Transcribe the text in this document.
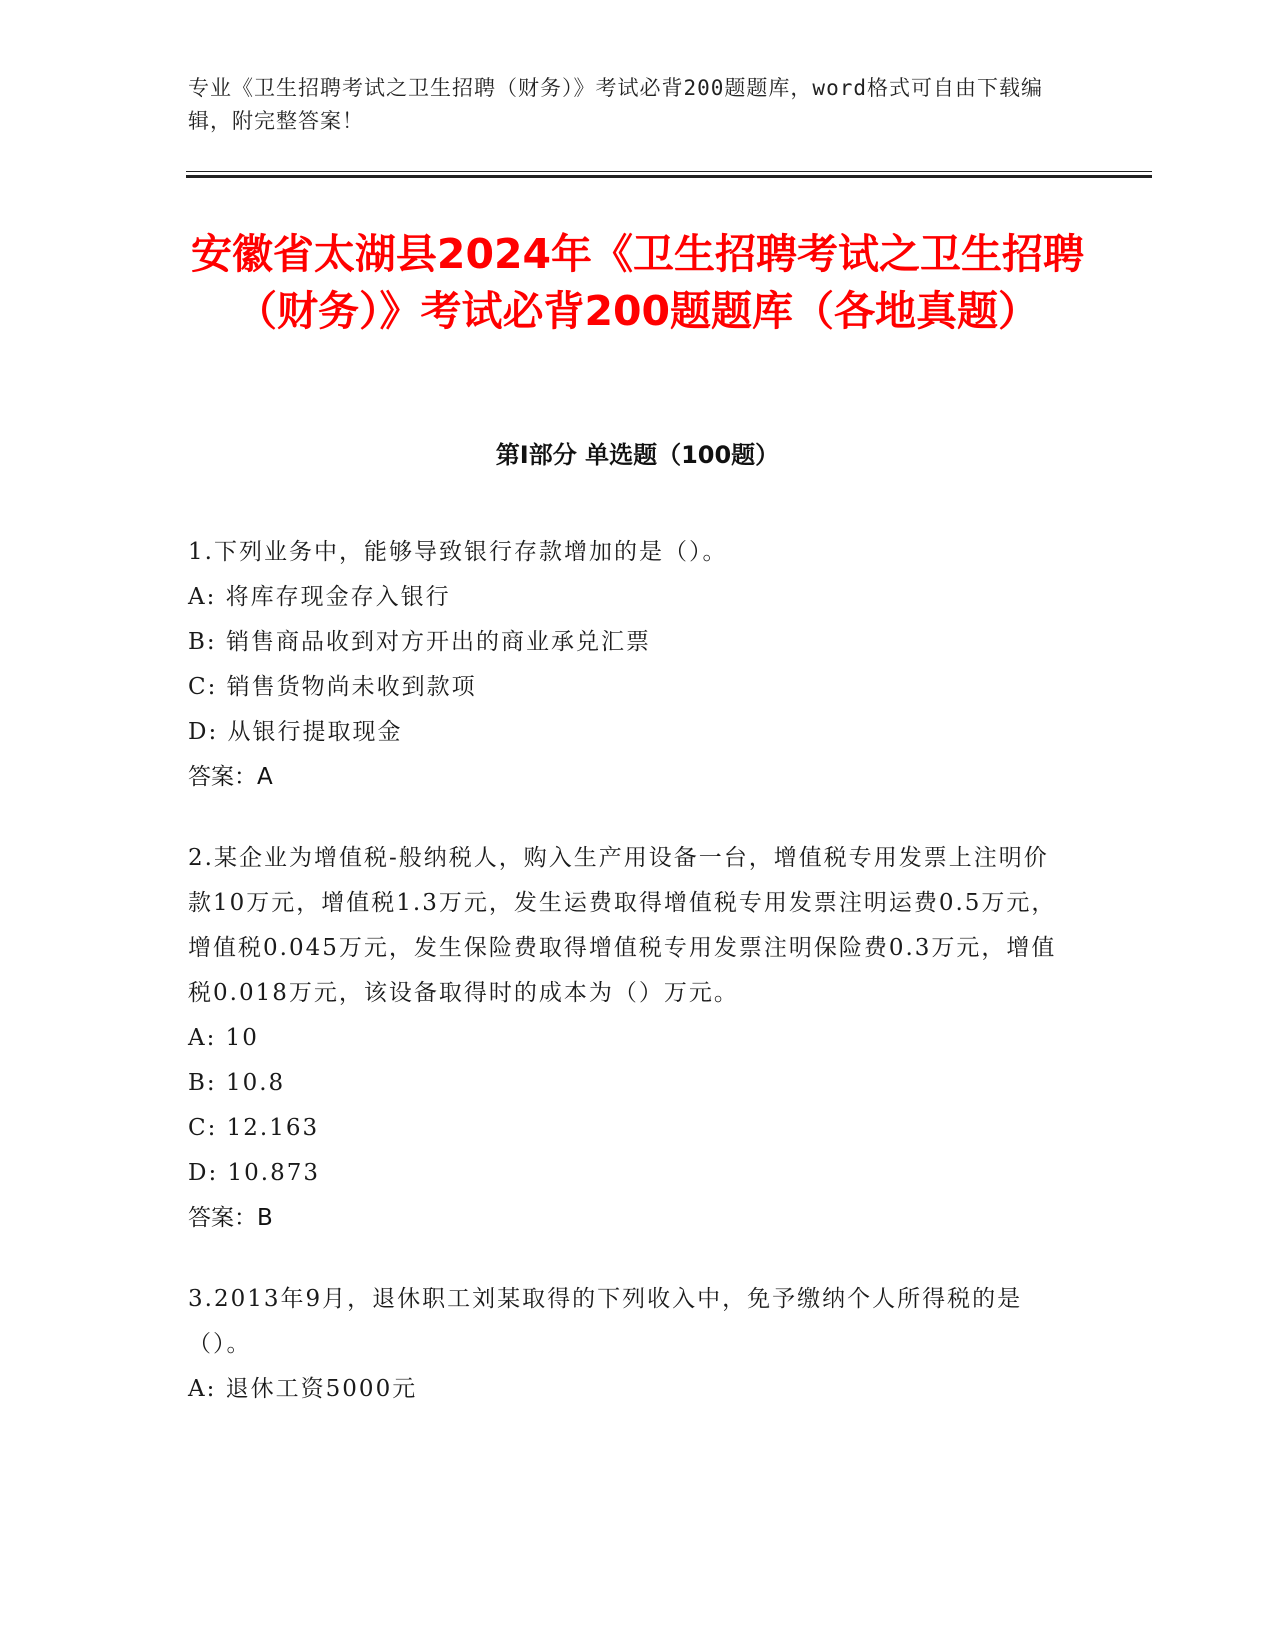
专业《卫生招聘考试之卫生招聘（财务）》考试必背200题题库，word格式可自由下载编辑，附完整答案！
安徽省太湖县2024年《卫生招聘考试之卫生招聘（财务）》考试必背200题题库（各地真题）
第Ⅰ部分 单选题（100题）

1.下列业务中，能够导致银行存款增加的是（）。

A: 将库存现金存入银行

B: 销售商品收到对方开出的商业承兑汇票

C: 销售货物尚未收到款项

D: 从银行提取现金

答案：A

2.某企业为增值税-般纳税人，购入生产用设备一台，增值税专用发票上注明价款10万元，增值税1.3万元，发生运费取得增值税专用发票注明运费0.5万元，增值税0.045万元，发生保险费取得增值税专用发票注明保险费0.3万元，增值税0.018万元，该设备取得时的成本为（）万元。

A: 10

B: 10.8

C: 12.163

D: 10.873

答案：B

3.2013年9月，退休职工刘某取得的下列收入中，免予缴纳个人所得税的是（）。

A: 退休工资5000元
